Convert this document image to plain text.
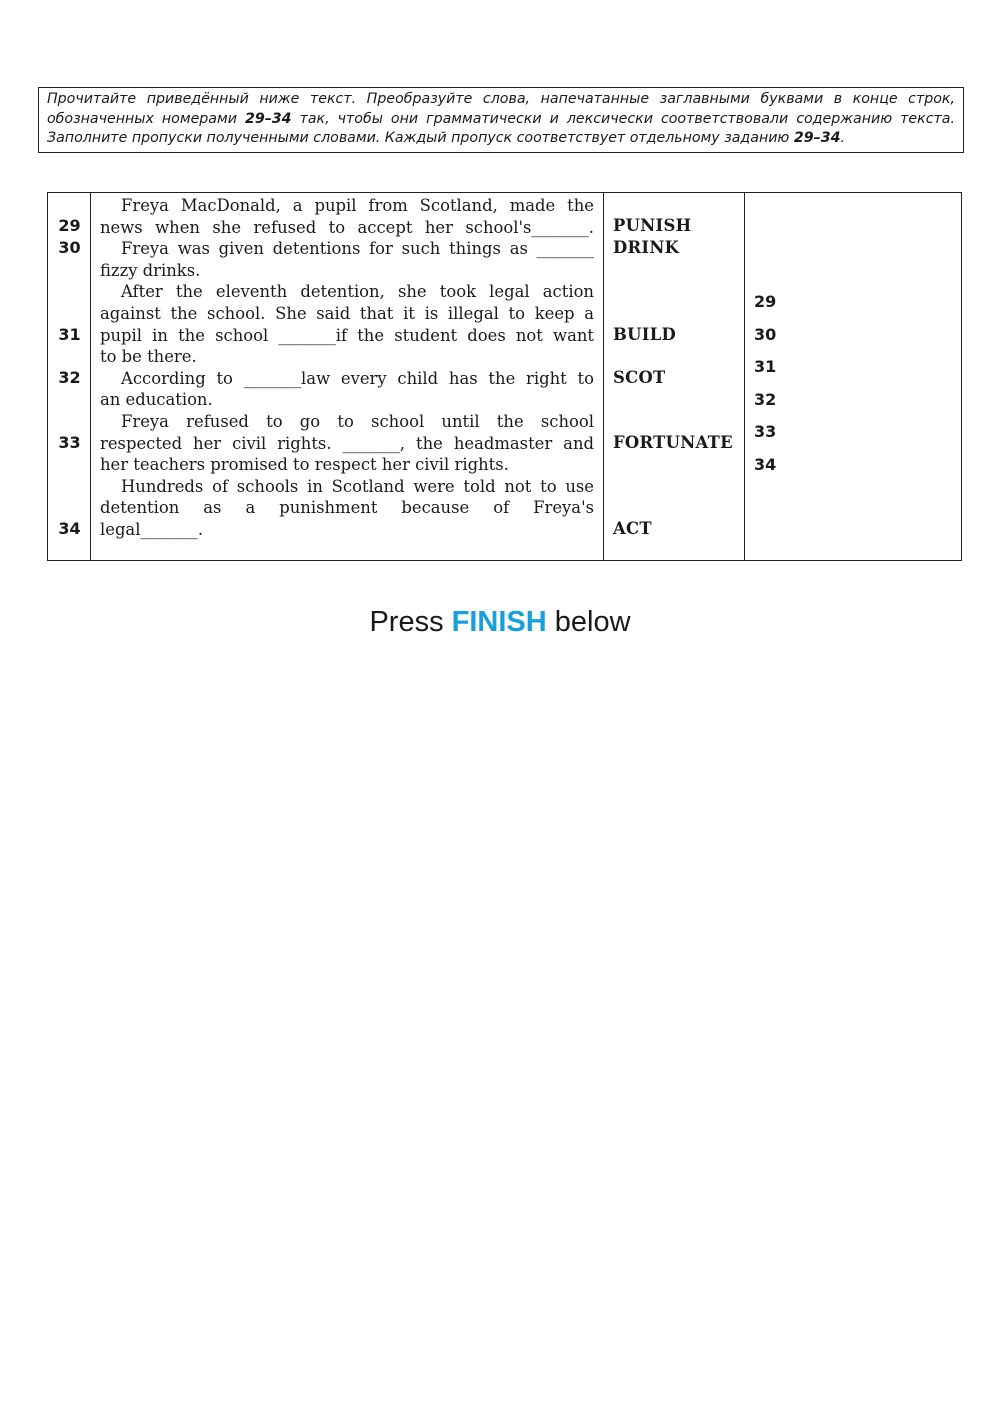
Прочитайте приведённый ниже текст. Преобразуйте слова, напечатанные заглавными буквами в конце строк, обозначенных номерами 29–34 так, чтобы они грамматически и лексически соответствовали содержанию текста. Заполните пропуски полученными словами. Каждый пропуск соответствует отдельному заданию 29–34.
29
30
31
32
33
34
Freya MacDonald, a pupil from Scotland, made the
news when she refused to accept her school's_______.
Freya was given detentions for such things as _______
fizzy drinks.
After the eleventh detention, she took legal action
against the school. She said that it is illegal to keep a
pupil in the school _______if the student does not want
to be there.
According to _______law every child has the right to
an education.
Freya refused to go to school until the school
respected her civil rights. _______, the headmaster and
her teachers promised to respect her civil rights.
Hundreds of schools in Scotland were told not to use
detention as a punishment because of Freya's
legal_______.
PUNISH
DRINK
BUILD
SCOT
FORTUNATE
ACT
29
30
31
32
33
34
Press FINISH below
